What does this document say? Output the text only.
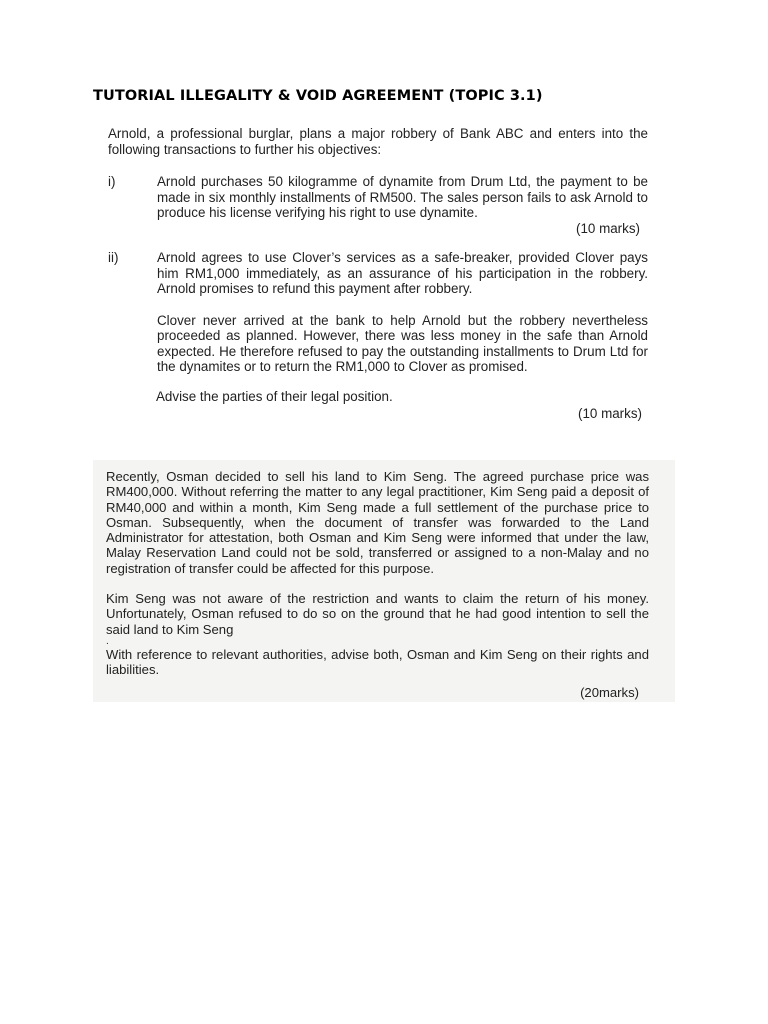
TUTORIAL ILLEGALITY & VOID AGREEMENT (TOPIC 3.1)

Arnold, a professional burglar, plans a major robbery of Bank ABC and enters into the following transactions to further his objectives:

i)	Arnold purchases 50 kilogramme of dynamite from Drum Ltd, the payment to be made in six monthly installments of RM500. The sales person fails to ask Arnold to produce his license verifying his right to use dynamite.

(10 marks)

ii)	Arnold agrees to use Clover’s services as a safe-breaker, provided Clover pays him RM1,000 immediately, as an assurance of his participation in the robbery. Arnold promises to refund this payment after robbery.

Clover never arrived at the bank to help Arnold but the robbery nevertheless proceeded as planned. However, there was less money in the safe than Arnold expected. He therefore refused to pay the outstanding installments to Drum Ltd for the dynamites or to return the RM1,000 to Clover as promised.

Advise the parties of their legal position.

(10 marks)

Recently, Osman decided to sell his land to Kim Seng. The agreed purchase price was RM400,000. Without referring the matter to any legal practitioner, Kim Seng paid a deposit of RM40,000 and within a month, Kim Seng made a full settlement of the purchase price to Osman. Subsequently, when the document of transfer was forwarded to the Land Administrator for attestation, both Osman and Kim Seng were informed that under the law, Malay Reservation Land could not be sold, transferred or assigned to a non-Malay and no registration of transfer could be affected for this purpose.

Kim Seng was not aware of the restriction and wants to claim the return of his money. Unfortunately, Osman refused to do so on the ground that he had good intention to sell the said land to Kim Seng

.

With reference to relevant authorities, advise both, Osman and Kim Seng on their rights and liabilities.

(20marks)
